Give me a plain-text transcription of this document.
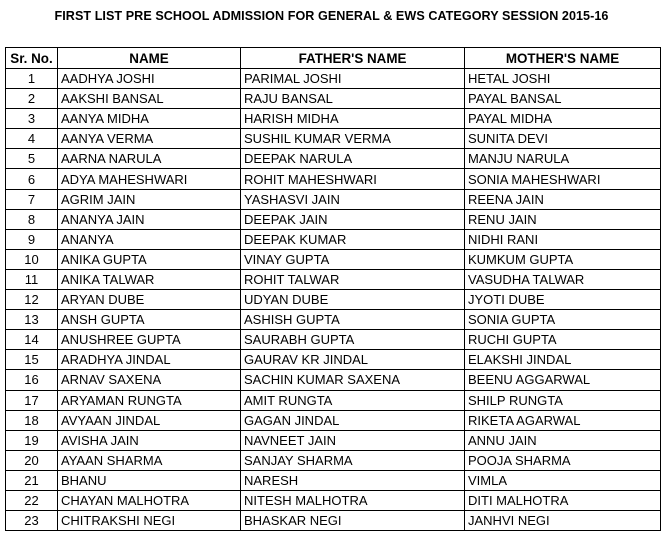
FIRST LIST PRE SCHOOL ADMISSION FOR GENERAL & EWS CATEGORY SESSION 2015-16
Sr. No.	NAME	FATHER'S NAME	MOTHER'S NAME
1	AADHYA JOSHI	PARIMAL JOSHI	HETAL JOSHI
2	AAKSHI BANSAL	RAJU BANSAL	PAYAL BANSAL
3	AANYA MIDHA	HARISH MIDHA	PAYAL MIDHA
4	AANYA VERMA	SUSHIL KUMAR VERMA	SUNITA DEVI
5	AARNA NARULA	DEEPAK NARULA	MANJU NARULA
6	ADYA MAHESHWARI	ROHIT MAHESHWARI	SONIA MAHESHWARI
7	AGRIM JAIN	YASHASVI JAIN	REENA JAIN
8	ANANYA JAIN	DEEPAK JAIN	RENU JAIN
9	ANANYA	DEEPAK KUMAR	NIDHI RANI
10	ANIKA GUPTA	VINAY GUPTA	KUMKUM GUPTA
11	ANIKA TALWAR	ROHIT TALWAR	VASUDHA TALWAR
12	ARYAN DUBE	UDYAN DUBE	JYOTI DUBE
13	ANSH GUPTA	ASHISH GUPTA	SONIA GUPTA
14	ANUSHREE GUPTA	SAURABH GUPTA	RUCHI GUPTA
15	ARADHYA JINDAL	GAURAV KR JINDAL	ELAKSHI JINDAL
16	ARNAV SAXENA	SACHIN KUMAR SAXENA	BEENU AGGARWAL
17	ARYAMAN RUNGTA	AMIT RUNGTA	SHILP RUNGTA
18	AVYAAN JINDAL	GAGAN JINDAL	RIKETA AGARWAL
19	AVISHA JAIN	NAVNEET JAIN	ANNU JAIN
20	AYAAN SHARMA	SANJAY SHARMA	POOJA SHARMA
21	BHANU	NARESH	VIMLA
22	CHAYAN MALHOTRA	NITESH MALHOTRA	DITI MALHOTRA
23	CHITRAKSHI NEGI	BHASKAR NEGI	JANHVI NEGI
